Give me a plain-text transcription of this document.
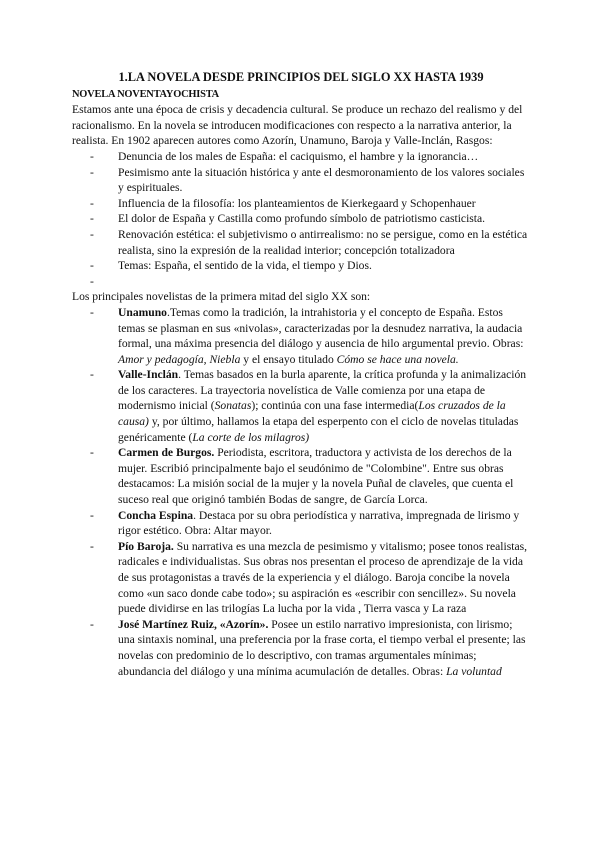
1.LA NOVELA DESDE PRINCIPIOS DEL SIGLO XX HASTA 1939

NOVELA NOVENTAYOCHISTA

Estamos ante una época de crisis y decadencia cultural. Se produce un rechazo del realismo y del racionalismo. En la novela se introducen modificaciones con respecto a la narrativa anterior, la realista. En 1902 aparecen autores como Azorín, Unamuno, Baroja y Valle-Inclán, Rasgos:

- Denuncia de los males de España: el caciquismo, el hambre y la ignorancia…
- Pesimismo ante la situación histórica y ante el desmoronamiento de los valores sociales y espirituales.
- Influencia de la filosofía: los planteamientos de Kierkegaard y Schopenhauer
- El dolor de España y Castilla como profundo símbolo de patriotismo casticista.
- Renovación estética: el subjetivismo o antirrealismo: no se persigue, como en la estética realista, sino la expresión de la realidad interior; concepción totalizadora
- Temas: España, el sentido de la vida, el tiempo y Dios.
-

Los principales novelistas de la primera mitad del siglo XX son:

- Unamuno.Temas como la tradición, la intrahistoria y el concepto de España. Estos temas se plasman en sus «nivolas», caracterizadas por la desnudez narrativa, la audacia formal, una máxima presencia del diálogo y ausencia de hilo argumental previo. Obras: Amor y pedagogía, Niebla y el ensayo titulado Cómo se hace una novela.
- Valle-Inclán. Temas basados en la burla aparente, la crítica profunda y la animalización de los caracteres. La trayectoria novelística de Valle comienza por una etapa de modernismo inicial (Sonatas); continúa con una fase intermedia(Los cruzados de la causa) y, por último, hallamos la etapa del esperpento con el ciclo de novelas tituladas genéricamente (La corte de los milagros)
- Carmen de Burgos. Periodista, escritora, traductora y activista de los derechos de la mujer. Escribió principalmente bajo el seudónimo de "Colombine". Entre sus obras destacamos: La misión social de la mujer y la novela Puñal de claveles, que cuenta el suceso real que originó también Bodas de sangre, de García Lorca.
- Concha Espina. Destaca por su obra periodística y narrativa, impregnada de lirismo y rigor estético. Obra: Altar mayor.
- Pío Baroja. Su narrativa es una mezcla de pesimismo y vitalismo; posee tonos realistas, radicales e individualistas. Sus obras nos presentan el proceso de aprendizaje de la vida de sus protagonistas a través de la experiencia y el diálogo. Baroja concibe la novela como «un saco donde cabe todo»; su aspiración es «escribir con sencillez». Su novela puede dividirse en las trilogías La lucha por la vida , Tierra vasca y La raza
- José Martínez Ruiz, «Azorín». Posee un estilo narrativo impresionista, con lirismo; una sintaxis nominal, una preferencia por la frase corta, el tiempo verbal el presente; las novelas con predominio de lo descriptivo, con tramas argumentales mínimas; abundancia del diálogo y una mínima acumulación de detalles. Obras: La voluntad
